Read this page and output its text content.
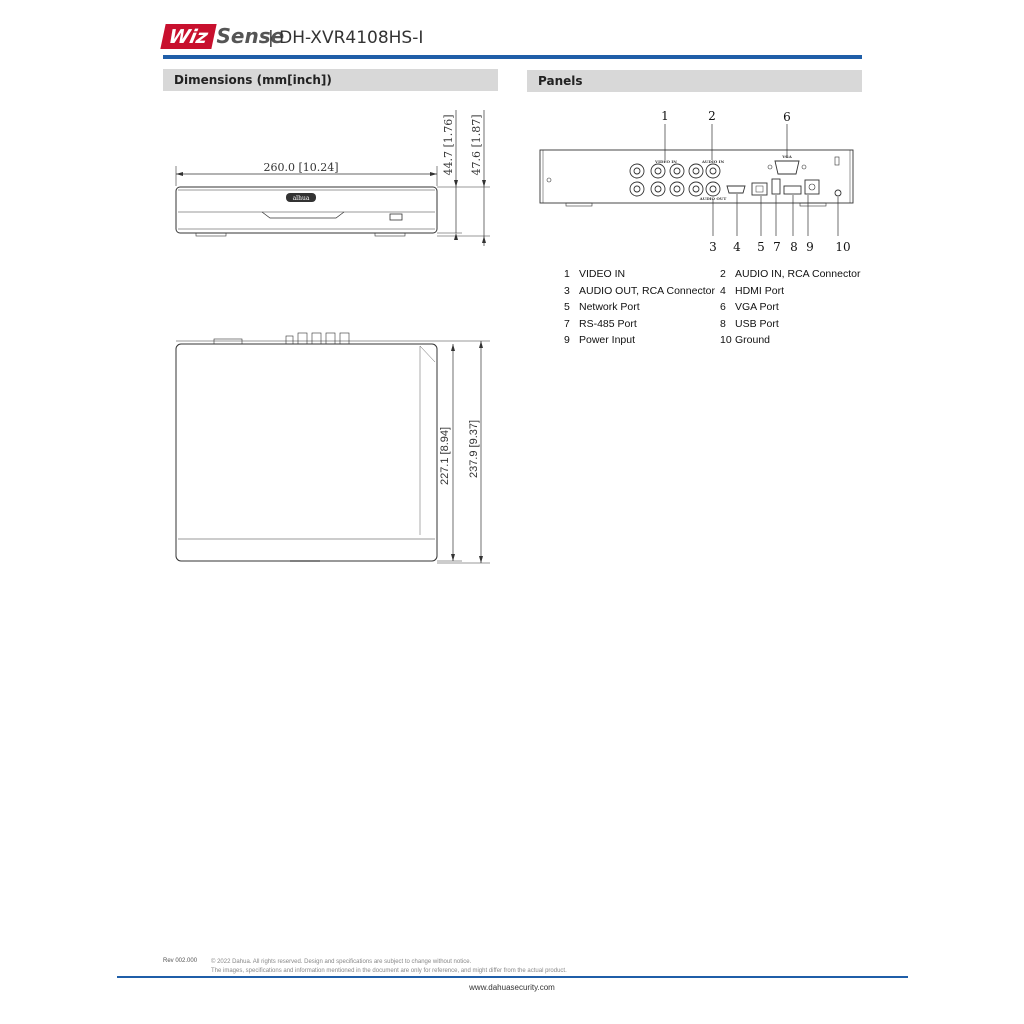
Wiz Sense
| DH-XVR4108HS-I
Dimensions (mm[inch])	Panels
alhua
260.0 [10.24]	44.7 [1.76] 47.6 [1.87]
227.1 [8.94] 237.9 [9.37]
VIDEO IN	AUDIO IN
AUDIO OUT
VGA
1	2	6
3 4 5 7 8 9 10
1	VIDEO IN	2	AUDIO IN, RCA Connector
3	AUDIO OUT, RCA Connector	4	HDMI Port
5	Network Port	6	VGA Port
7	RS-485 Port	8	USB Port
9	Power Input	10	Ground
Rev 002.000 © 2022 Dahua. All rights reserved. Design and specifications are subject to change without notice.
The images, specifications and information mentioned in the document are only for reference, and might differ from the actual product.
www.dahuasecurity.com
